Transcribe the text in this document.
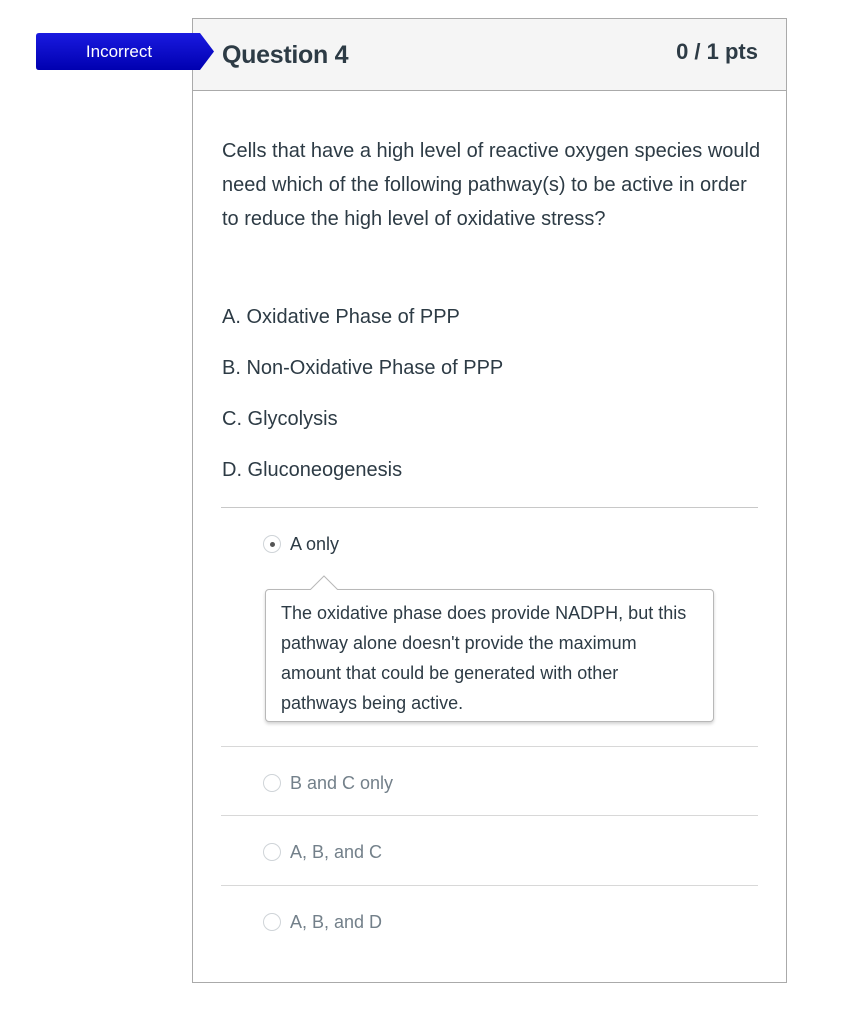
Incorrect	Question 4	0 / 1 pts

Cells that have a high level of reactive oxygen species would need which of the following pathway(s) to be active in order to reduce the high level of oxidative stress?

A. Oxidative Phase of PPP

B. Non-Oxidative Phase of PPP

C. Glycolysis

D. Gluconeogenesis

A only

The oxidative phase does provide NADPH, but this pathway alone doesn't provide the maximum amount that could be generated with other pathways being active.

B and C only
A, B, and C
A, B, and D
